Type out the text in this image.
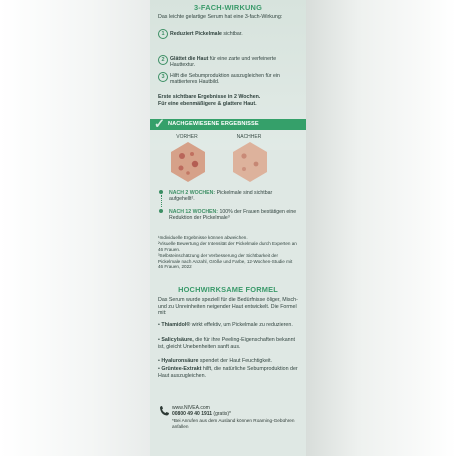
3-FACH-WIRKUNG
Das leichte gelartige Serum hat eine 3-fach-Wirkung:
1	Reduziert Pickelmale sichtbar.
2	Glättet die Haut für eine zarte und verfeinerte Hauttextur.
3	Hilft die Sebumproduktion auszugleichen für ein mattierteres Hautbild.
Erste sichtbare Ergebnisse in 2 Wochen.
Für eine ebenmäßigere & glattere Haut.
NACHGEWIESENE ERGEBNISSE
✓
VORHER	NACHHER
NACH 2 WOCHEN: Pickelmale sind sichtbar aufgehellt².
NACH 12 WOCHEN: 100% der Frauen bestätigen eine Reduktion der Pickelmale³
¹Individuelle Ergebnisse können abweichen.
²Visuelle Bewertung der Intensität der Pickelmale durch Experten an 46 Frauen.
³Selbsteinschätzung der Verbesserung der Sichtbarkeit der Pickelmale nach Anzahl, Größe und Farbe, 12-Wochen-Studie mit 46 Frauen, 2022
HOCHWIRKSAME FORMEL
Das Serum wurde speziell für die Bedürfnisse öliger, Misch- und zu Unreinheiten neigender Haut entwickelt. Die Formel mit:
• Thiamidol® wirkt effektiv, um Pickelmale zu reduzieren.
• Salicylsäure, die für ihre Peeling-Eigenschaften bekannt ist, gleicht Unebenheiten sanft aus.
• Hyaluronsäure spendet der Haut Feuchtigkeit.
• Grüntee-Extrakt hilft, die natürliche Sebumproduktion der Haut auszugleichen.
www.NIVEA.com
00800 49 40 1911 (gratis)*
*Bei Anrufen aus dem Ausland können Roaming-Gebühren anfallen
